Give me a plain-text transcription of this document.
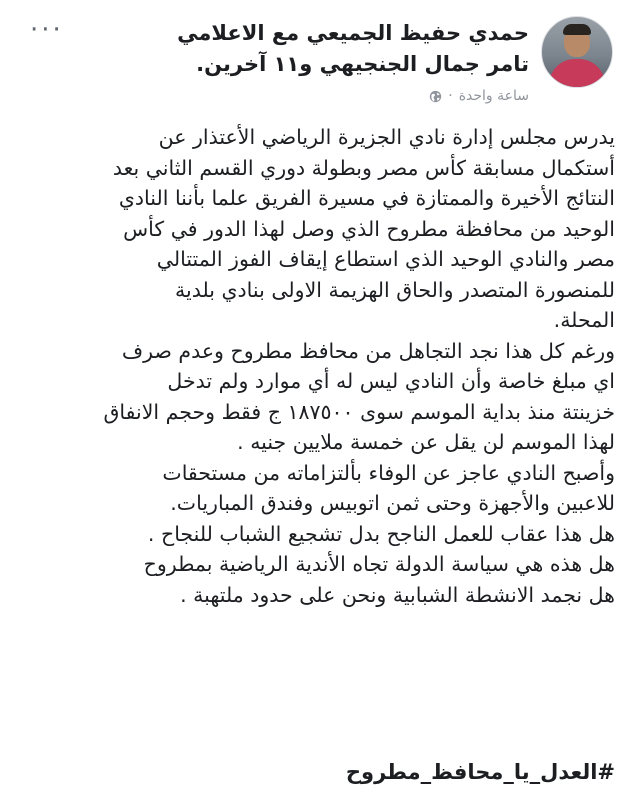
حمدي حفيظ الجميعي مع الاعلامي تامر جمال الجنجيهي و١١ آخرين.
···
ساعة واحدة
·

يدرس مجلس إدارة نادي الجزيرة الرياضي الأعتذار عن
أستكمال مسابقة كأس مصر وبطولة دوري القسم الثاني بعد
النتائج الأخيرة والممتازة في مسيرة الفريق علما بأننا النادي
الوحيد من محافظة مطروح الذي وصل لهذا الدور في كأس
مصر والنادي الوحيد الذي استطاع إيقاف الفوز المتتالي
للمنصورة المتصدر والحاق الهزيمة الاولى بنادي بلدية
المحلة.

ورغم كل هذا نجد التجاهل من محافظ مطروح وعدم صرف
اي مبلغ خاصة وأن النادي ليس له أي موارد ولم تدخل
خزينتة منذ بداية الموسم سوى ١٨٧٥٠٠ ج فقط وحجم الانفاق
لهذا الموسم لن يقل عن خمسة ملايين جنيه .

وأصبح النادي عاجز عن الوفاء بألتزاماته من مستحقات
للاعبين والأجهزة وحتى ثمن اتوبيس وفندق المباريات.

هل هذا عقاب للعمل الناجح بدل تشجيع الشباب للنجاح .

هل هذه هي سياسة الدولة تجاه الأندية الرياضية بمطروح
هل نجمد الانشطة الشبابية ونحن على حدود ملتهبة .

#العدل_يا_محافظ_مطروح
